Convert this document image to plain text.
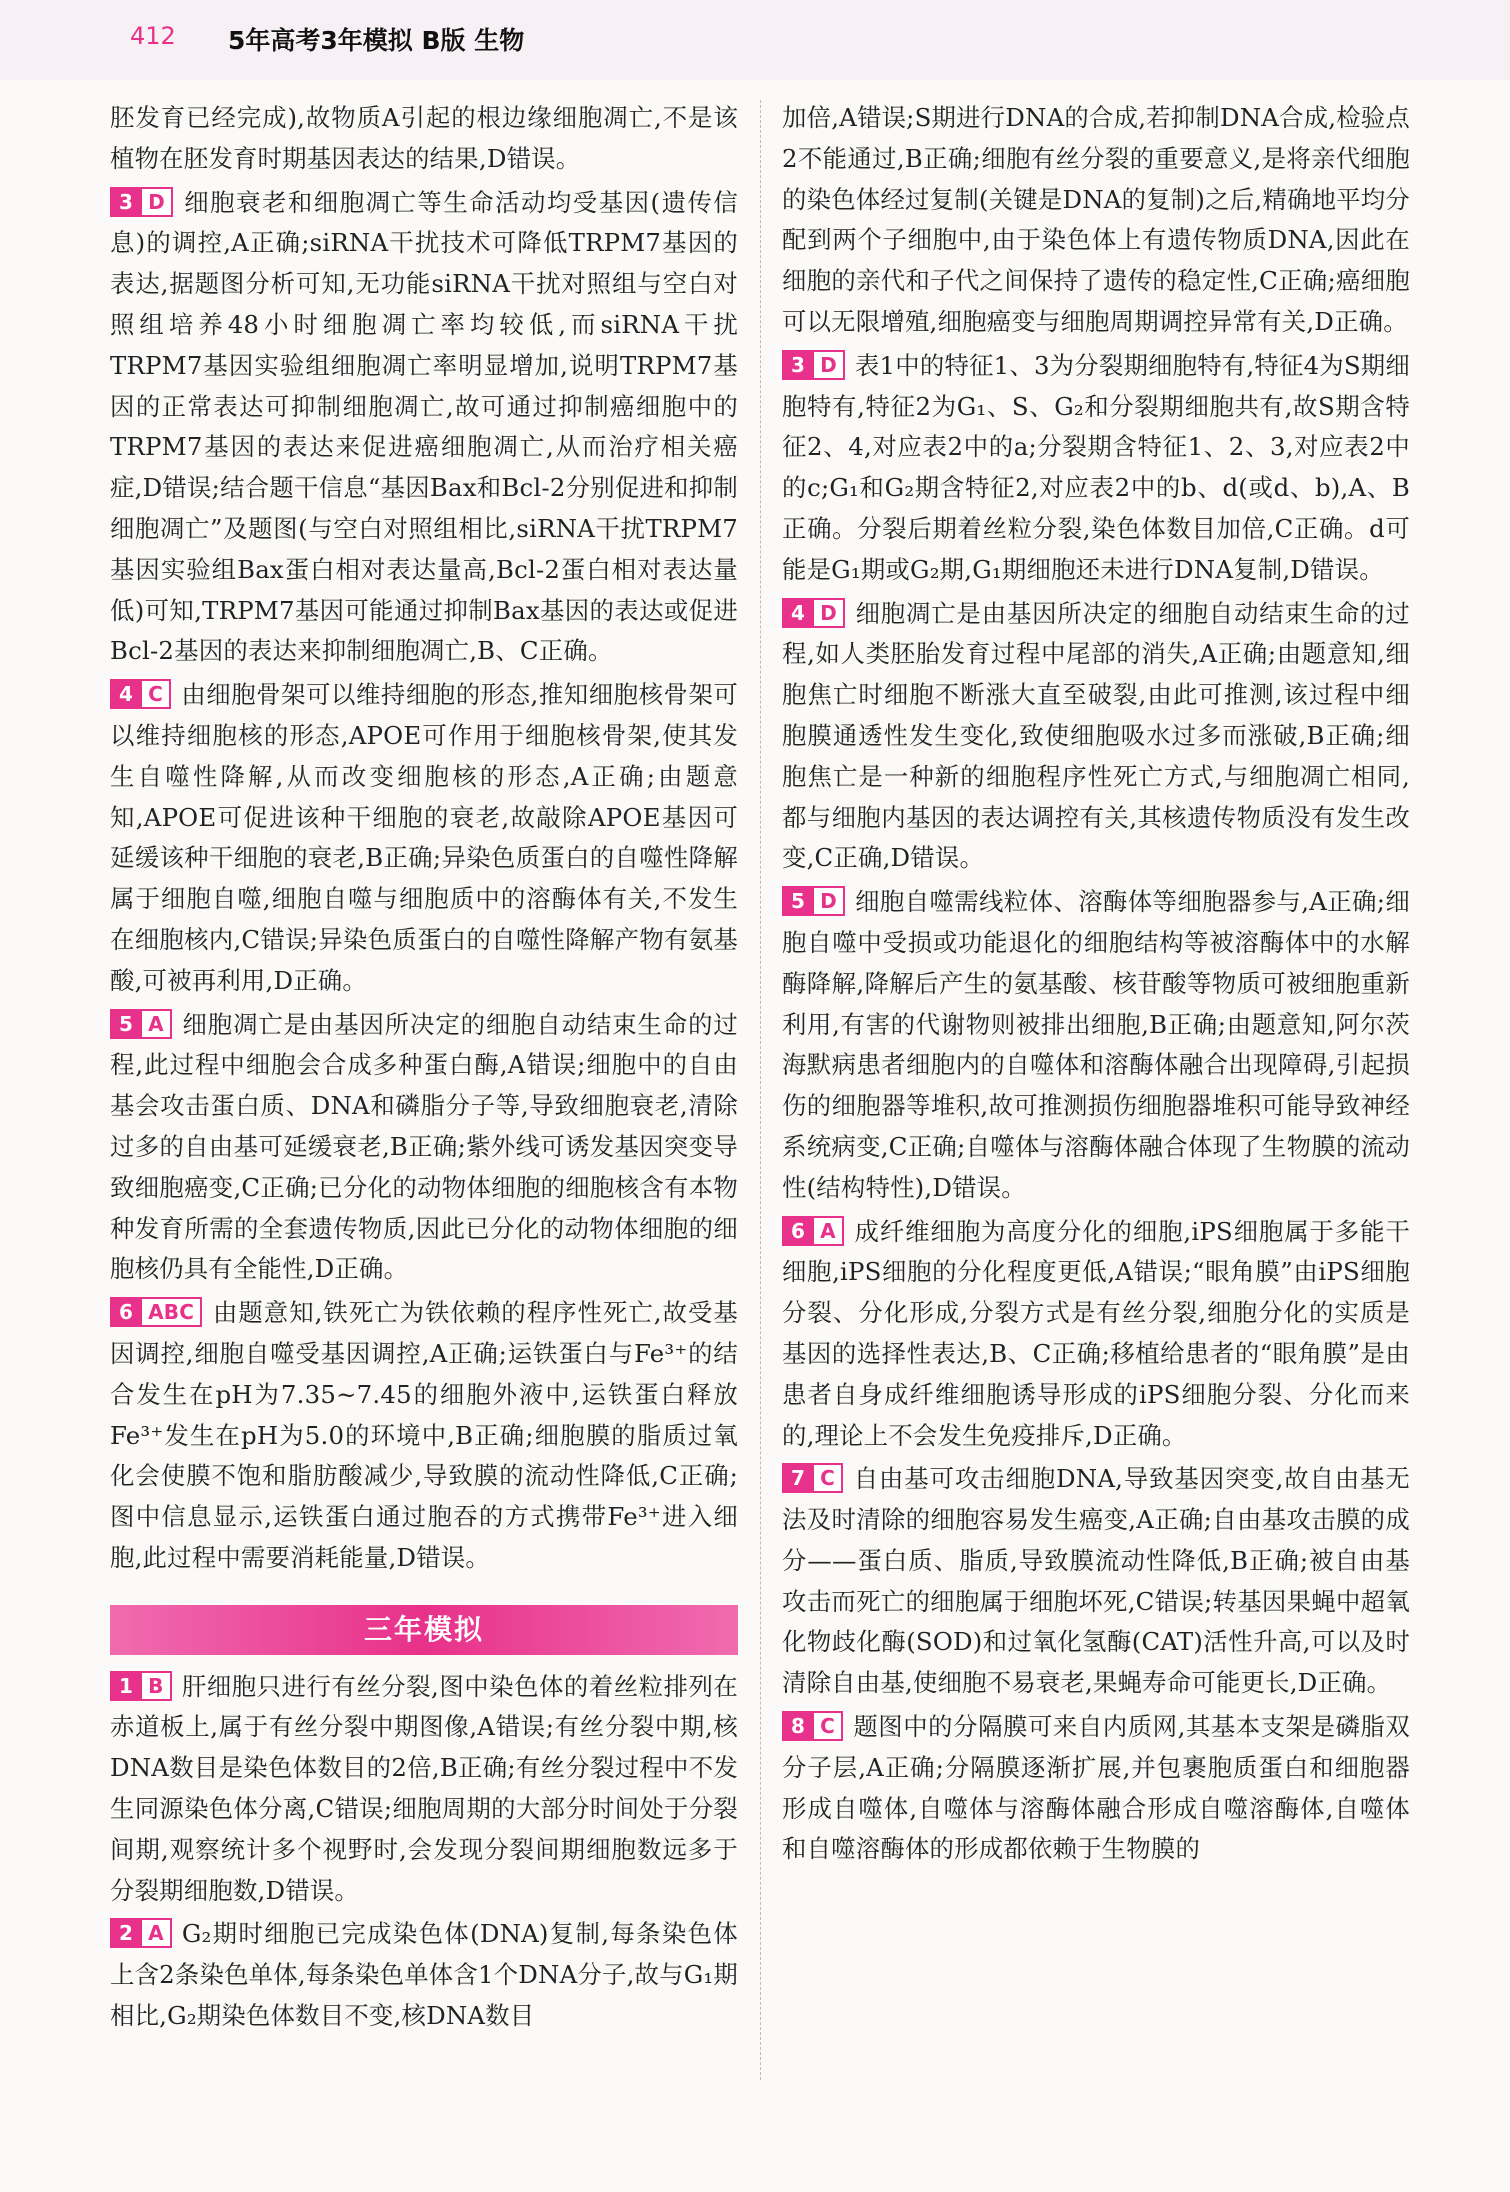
412 5年高考3年模拟 B版 生物

胚发育已经完成),故物质A引起的根边缘细胞凋亡,不是该植物在胚发育时期基因表达的结果,D错误。

3 D 细胞衰老和细胞凋亡等生命活动均受基因(遗传信息)的调控,A正确;siRNA干扰技术可降低TRPM7基因的表达,据题图分析可知,无功能siRNA干扰对照组与空白对照组培养48小时细胞凋亡率均较低,而siRNA干扰TRPM7基因实验组细胞凋亡率明显增加,说明TRPM7基因的正常表达可抑制细胞凋亡,故可通过抑制癌细胞中的TRPM7基因的表达来促进癌细胞凋亡,从而治疗相关癌症,D错误;结合题干信息“基因Bax和Bcl-2分别促进和抑制细胞凋亡”及题图(与空白对照组相比,siRNA干扰TRPM7基因实验组Bax蛋白相对表达量高,Bcl-2蛋白相对表达量低)可知,TRPM7基因可能通过抑制Bax基因的表达或促进Bcl-2基因的表达来抑制细胞凋亡,B、C正确。

4 C 由细胞骨架可以维持细胞的形态,推知细胞核骨架可以维持细胞核的形态,APOE可作用于细胞核骨架,使其发生自噬性降解,从而改变细胞核的形态,A正确;由题意知,APOE可促进该种干细胞的衰老,故敲除APOE基因可延缓该种干细胞的衰老,B正确;异染色质蛋白的自噬性降解属于细胞自噬,细胞自噬与细胞质中的溶酶体有关,不发生在细胞核内,C错误;异染色质蛋白的自噬性降解产物有氨基酸,可被再利用,D正确。

5 A 细胞凋亡是由基因所决定的细胞自动结束生命的过程,此过程中细胞会合成多种蛋白酶,A错误;细胞中的自由基会攻击蛋白质、DNA和磷脂分子等,导致细胞衰老,清除过多的自由基可延缓衰老,B正确;紫外线可诱发基因突变导致细胞癌变,C正确;已分化的动物体细胞的细胞核含有本物种发育所需的全套遗传物质,因此已分化的动物体细胞的细胞核仍具有全能性,D正确。

6 ABC 由题意知,铁死亡为铁依赖的程序性死亡,故受基因调控,细胞自噬受基因调控,A正确;运铁蛋白与Fe³⁺的结合发生在pH为7.35~7.45的细胞外液中,运铁蛋白释放Fe³⁺发生在pH为5.0的环境中,B正确;细胞膜的脂质过氧化会使膜不饱和脂肪酸减少,导致膜的流动性降低,C正确;图中信息显示,运铁蛋白通过胞吞的方式携带Fe³⁺进入细胞,此过程中需要消耗能量,D错误。

三年模拟

1 B 肝细胞只进行有丝分裂,图中染色体的着丝粒排列在赤道板上,属于有丝分裂中期图像,A错误;有丝分裂中期,核DNA数目是染色体数目的2倍,B正确;有丝分裂过程中不发生同源染色体分离,C错误;细胞周期的大部分时间处于分裂间期,观察统计多个视野时,会发现分裂间期细胞数远多于分裂期细胞数,D错误。

2 A G₂期时细胞已完成染色体(DNA)复制,每条染色体上含2条染色单体,每条染色单体含1个DNA分子,故与G₁期相比,G₂期染色体数目不变,核DNA数目

加倍,A错误;S期进行DNA的合成,若抑制DNA合成,检验点2不能通过,B正确;细胞有丝分裂的重要意义,是将亲代细胞的染色体经过复制(关键是DNA的复制)之后,精确地平均分配到两个子细胞中,由于染色体上有遗传物质DNA,因此在细胞的亲代和子代之间保持了遗传的稳定性,C正确;癌细胞可以无限增殖,细胞癌变与细胞周期调控异常有关,D正确。

3 D 表1中的特征1、3为分裂期细胞特有,特征4为S期细胞特有,特征2为G₁、S、G₂和分裂期细胞共有,故S期含特征2、4,对应表2中的a;分裂期含特征1、2、3,对应表2中的c;G₁和G₂期含特征2,对应表2中的b、d(或d、b),A、B正确。分裂后期着丝粒分裂,染色体数目加倍,C正确。d可能是G₁期或G₂期,G₁期细胞还未进行DNA复制,D错误。

4 D 细胞凋亡是由基因所决定的细胞自动结束生命的过程,如人类胚胎发育过程中尾部的消失,A正确;由题意知,细胞焦亡时细胞不断涨大直至破裂,由此可推测,该过程中细胞膜通透性发生变化,致使细胞吸水过多而涨破,B正确;细胞焦亡是一种新的细胞程序性死亡方式,与细胞凋亡相同,都与细胞内基因的表达调控有关,其核遗传物质没有发生改变,C正确,D错误。

5 D 细胞自噬需线粒体、溶酶体等细胞器参与,A正确;细胞自噬中受损或功能退化的细胞结构等被溶酶体中的水解酶降解,降解后产生的氨基酸、核苷酸等物质可被细胞重新利用,有害的代谢物则被排出细胞,B正确;由题意知,阿尔茨海默病患者细胞内的自噬体和溶酶体融合出现障碍,引起损伤的细胞器等堆积,故可推测损伤细胞器堆积可能导致神经系统病变,C正确;自噬体与溶酶体融合体现了生物膜的流动性(结构特性),D错误。

6 A 成纤维细胞为高度分化的细胞,iPS细胞属于多能干细胞,iPS细胞的分化程度更低,A错误;“眼角膜”由iPS细胞分裂、分化形成,分裂方式是有丝分裂,细胞分化的实质是基因的选择性表达,B、C正确;移植给患者的“眼角膜”是由患者自身成纤维细胞诱导形成的iPS细胞分裂、分化而来的,理论上不会发生免疫排斥,D正确。

7 C 自由基可攻击细胞DNA,导致基因突变,故自由基无法及时清除的细胞容易发生癌变,A正确;自由基攻击膜的成分——蛋白质、脂质,导致膜流动性降低,B正确;被自由基攻击而死亡的细胞属于细胞坏死,C错误;转基因果蝇中超氧化物歧化酶(SOD)和过氧化氢酶(CAT)活性升高,可以及时清除自由基,使细胞不易衰老,果蝇寿命可能更长,D正确。

8 C 题图中的分隔膜可来自内质网,其基本支架是磷脂双分子层,A正确;分隔膜逐渐扩展,并包裹胞质蛋白和细胞器形成自噬体,自噬体与溶酶体融合形成自噬溶酶体,自噬体和自噬溶酶体的形成都依赖于生物膜的
